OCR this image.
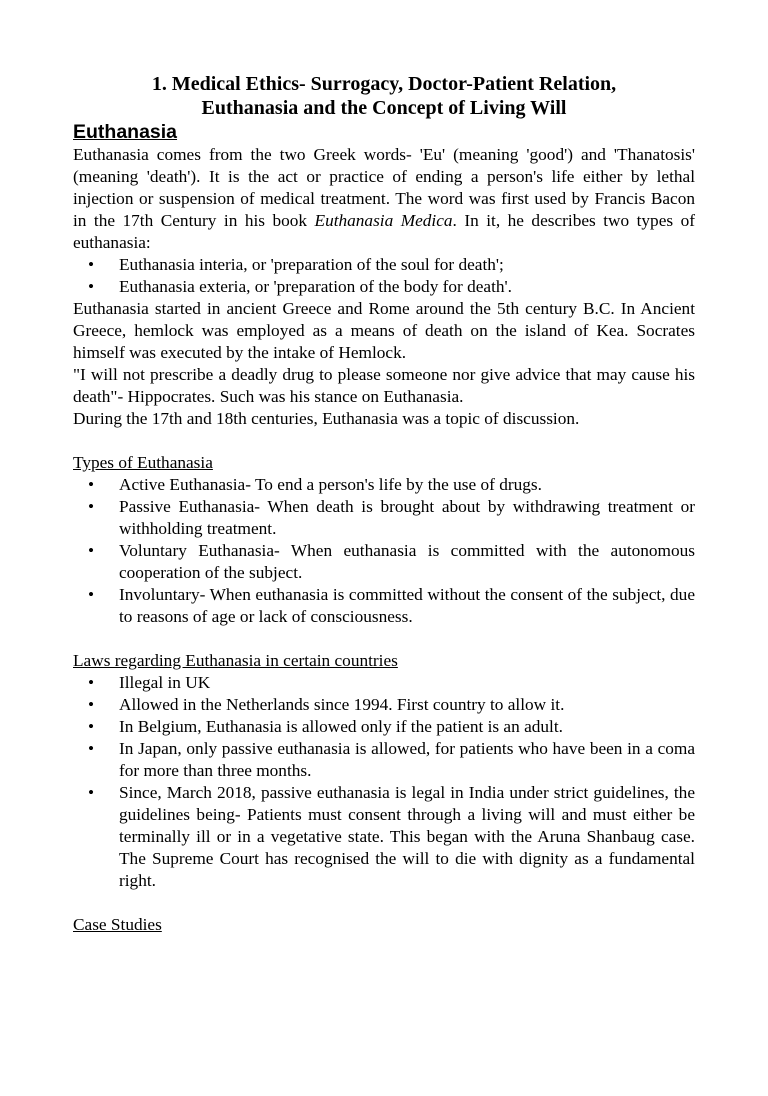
1. Medical Ethics- Surrogacy, Doctor-Patient Relation,
Euthanasia and the Concept of Living Will
Euthanasia

Euthanasia comes from the two Greek words- 'Eu' (meaning 'good') and 'Thanatosis' (meaning 'death'). It is the act or practice of ending a person's life either by lethal injection or suspension of medical treatment. The word was first used by Francis Bacon in the 17th Century in his book Euthanasia Medica. In it, he describes two types of euthanasia:

• Euthanasia interia, or 'preparation of the soul for death';
• Euthanasia exteria, or 'preparation of the body for death'.

Euthanasia started in ancient Greece and Rome around the 5th century B.C. In Ancient Greece, hemlock was employed as a means of death on the island of Kea. Socrates himself was executed by the intake of Hemlock.

"I will not prescribe a deadly drug to please someone nor give advice that may cause his death"- Hippocrates. Such was his stance on Euthanasia.

During the 17th and 18th centuries, Euthanasia was a topic of discussion.

Types of Euthanasia

• Active Euthanasia- To end a person's life by the use of drugs.
• Passive Euthanasia- When death is brought about by withdrawing treatment or withholding treatment.
• Voluntary Euthanasia- When euthanasia is committed with the autonomous cooperation of the subject.
• Involuntary- When euthanasia is committed without the consent of the subject, due to reasons of age or lack of consciousness.

Laws regarding Euthanasia in certain countries

• Illegal in UK
• Allowed in the Netherlands since 1994. First country to allow it.
• In Belgium, Euthanasia is allowed only if the patient is an adult.
• In Japan, only passive euthanasia is allowed, for patients who have been in a coma for more than three months.
• Since, March 2018, passive euthanasia is legal in India under strict guidelines, the guidelines being- Patients must consent through a living will and must either be terminally ill or in a vegetative state. This began with the Aruna Shanbaug case. The Supreme Court has recognised the will to die with dignity as a fundamental right.

Case Studies
